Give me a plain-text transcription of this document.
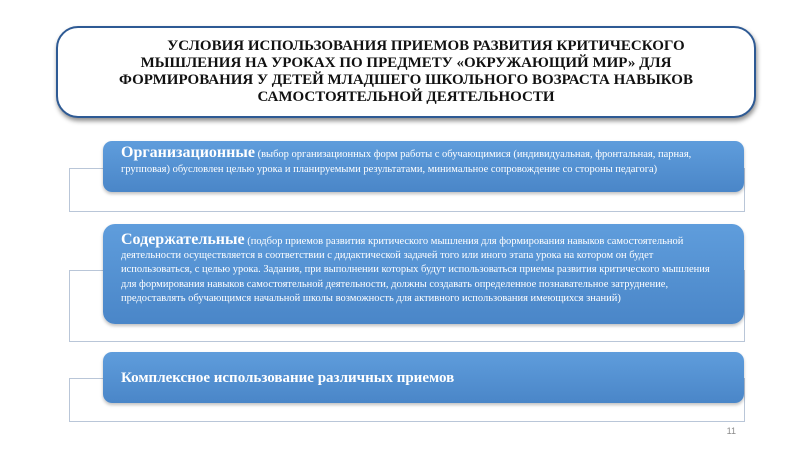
УСЛОВИЯ ИСПОЛЬЗОВАНИЯ ПРИЕМОВ РАЗВИТИЯ КРИТИЧЕСКОГО МЫШЛЕНИЯ НА УРОКАХ ПО ПРЕДМЕТУ «ОКРУЖАЮЩИЙ МИР» ДЛЯ ФОРМИРОВАНИЯ У ДЕТЕЙ МЛАДШЕГО ШКОЛЬНОГО ВОЗРАСТА НАВЫКОВ САМОСТОЯТЕЛЬНОЙ ДЕЯТЕЛЬНОСТИ

Организационные (выбор организационных форм работы с обучающимися (индивидуальная, фронтальная, парная, групповая) обусловлен целью урока и планируемыми результатами, минимальное сопровождение со стороны педагога)

Содержательные (подбор приемов развития критического мышления для формирования навыков самостоятельной деятельности осуществляется в соответствии с дидактической задачей того или иного этапа урока на котором он будет использоваться, с целью урока. Задания, при выполнении которых будут использоваться приемы развития критического мышления для формирования навыков самостоятельной деятельности, должны создавать определенное познавательное затруднение, предоставлять обучающимся начальной школы возможность для активного использования имеющихся знаний)

Комплексное использование различных приемов

11
